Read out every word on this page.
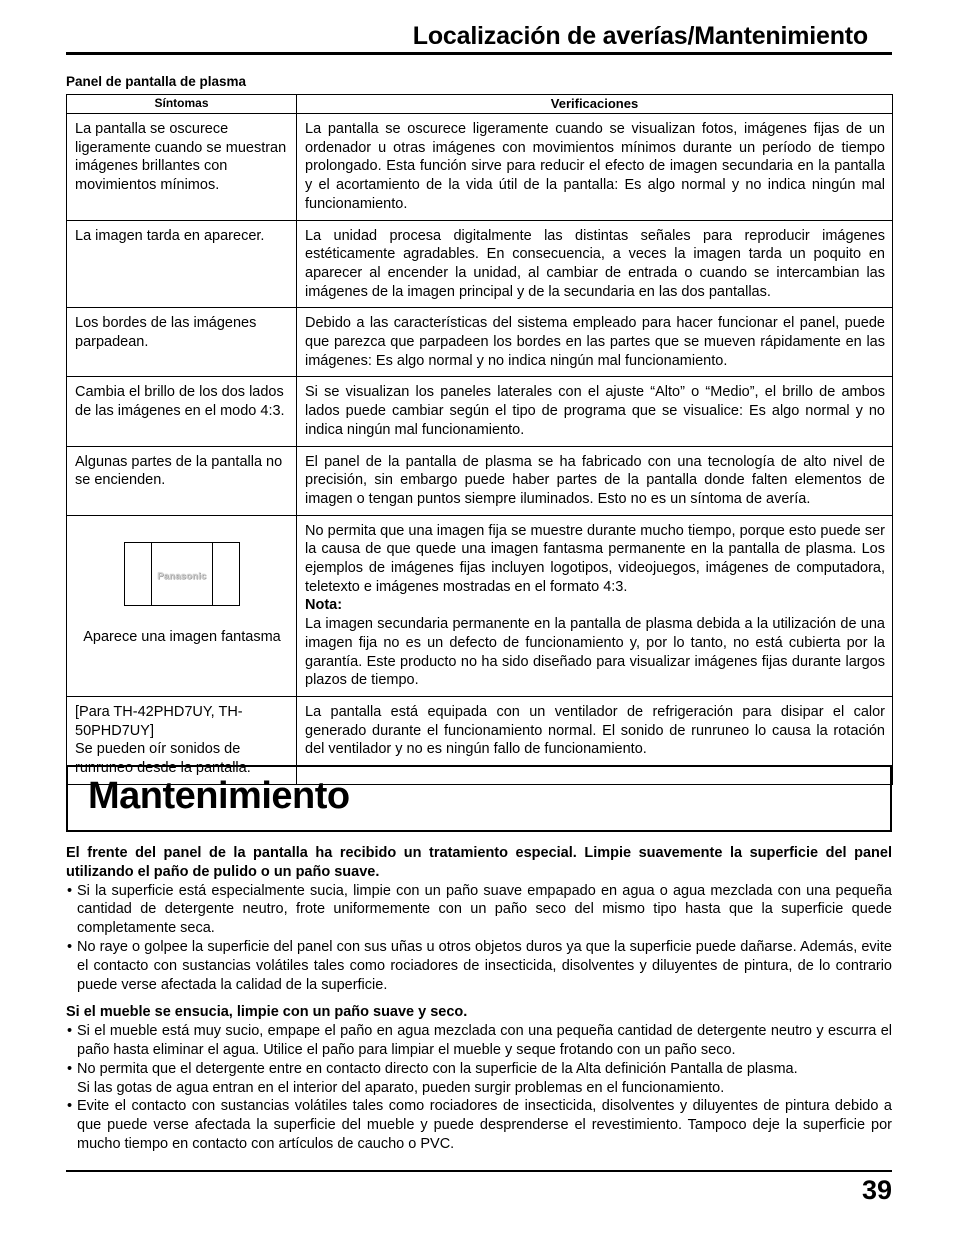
Localización de averías/Mantenimiento
Panel de pantalla de plasma
Síntomas	Verificaciones
La pantalla se oscurece ligeramente cuando se muestran imágenes brillantes con movimientos mínimos.	La pantalla se oscurece ligeramente cuando se visualizan fotos, imágenes fijas de un ordenador u otras imágenes con movimientos mínimos durante un período de tiempo prolongado. Esta función sirve para reducir el efecto de imagen secundaria en la pantalla y el acortamiento de la vida útil de la pantalla: Es algo normal y no indica ningún mal funcionamiento.
La imagen tarda en aparecer.	La unidad procesa digitalmente las distintas señales para reproducir imágenes estéticamente agradables. En consecuencia, a veces la imagen tarda un poquito en aparecer al encender la unidad, al cambiar de entrada o cuando se intercambian las imágenes de la imagen principal y de la secundaria en las dos pantallas.
Los bordes de las imágenes parpadean.	Debido a las características del sistema empleado para hacer funcionar el panel, puede que parezca que parpadeen los bordes en las partes que se mueven rápidamente en las imágenes: Es algo normal y no indica ningún mal funcionamiento.
Cambia el brillo de los dos lados de las imágenes en el modo 4:3.	Si se visualizan los paneles laterales con el ajuste “Alto” o “Medio”, el brillo de ambos lados puede cambiar según el tipo de programa que se visualice: Es algo normal y no indica ningún mal funcionamiento.
Algunas partes de la pantalla no se encienden.	El panel de la pantalla de plasma se ha fabricado con una tecnología de alto nivel de precisión, sin embargo puede haber partes de la pantalla donde falten elementos de imagen o tengan puntos siempre iluminados. Esto no es un síntoma de avería.

Panasonic
Aparece una imagen fantasma	No permita que una imagen fija se muestre durante mucho tiempo, porque esto puede ser la causa de que quede una imagen fantasma permanente en la pantalla de plasma. Los ejemplos de imágenes fijas incluyen logotipos, videojuegos, imágenes de computadora, teletexto e imágenes mostradas en el formato 4:3.
Nota:
La imagen secundaria permanente en la pantalla de plasma debida a la utilización de una imagen fija no es un defecto de funcionamiento y, por lo tanto, no está cubierta por la garantía. Este producto no ha sido diseñado para visualizar imágenes fijas durante largos plazos de tiempo.
[Para TH-42PHD7UY, TH-50PHD7UY]
Se pueden oír sonidos de runruneo desde la pantalla.	La pantalla está equipada con un ventilador de refrigeración para disipar el calor generado durante el funcionamiento normal. El sonido de runruneo lo causa la rotación del ventilador y no es ningún fallo de funcionamiento.
Mantenimiento

El frente del panel de la pantalla ha recibido un tratamiento especial. Limpie suavemente la superficie del panel utilizando el paño de pulido o un paño suave.

• Si la superficie está especialmente sucia, limpie con un paño suave empapado en agua o agua mezclada con una pequeña cantidad de detergente neutro, frote uniformemente con un paño seco del mismo tipo hasta que la superficie quede completamente seca.
• No raye o golpee la superficie del panel con sus uñas u otros objetos duros ya que la superficie puede dañarse. Además, evite el contacto con sustancias volátiles tales como rociadores de insecticida, disolventes y diluyentes de pintura, de lo contrario puede verse afectada la calidad de la superficie.

Si el mueble se ensucia, limpie con un paño suave y seco.

• Si el mueble está muy sucio, empape el paño en agua mezclada con una pequeña cantidad de detergente neutro y escurra el paño hasta eliminar el agua. Utilice el paño para limpiar el mueble y seque frotando con un paño seco.
• No permita que el detergente entre en contacto directo con la superficie de la Alta definición Pantalla de plasma.
Si las gotas de agua entran en el interior del aparato, pueden surgir problemas en el funcionamiento.
• Evite el contacto con sustancias volátiles tales como rociadores de insecticida, disolventes y diluyentes de pintura debido a que puede verse afectada la superficie del mueble y puede desprenderse el revestimiento. Tampoco deje la superficie por mucho tiempo en contacto con artículos de caucho o PVC.
39
